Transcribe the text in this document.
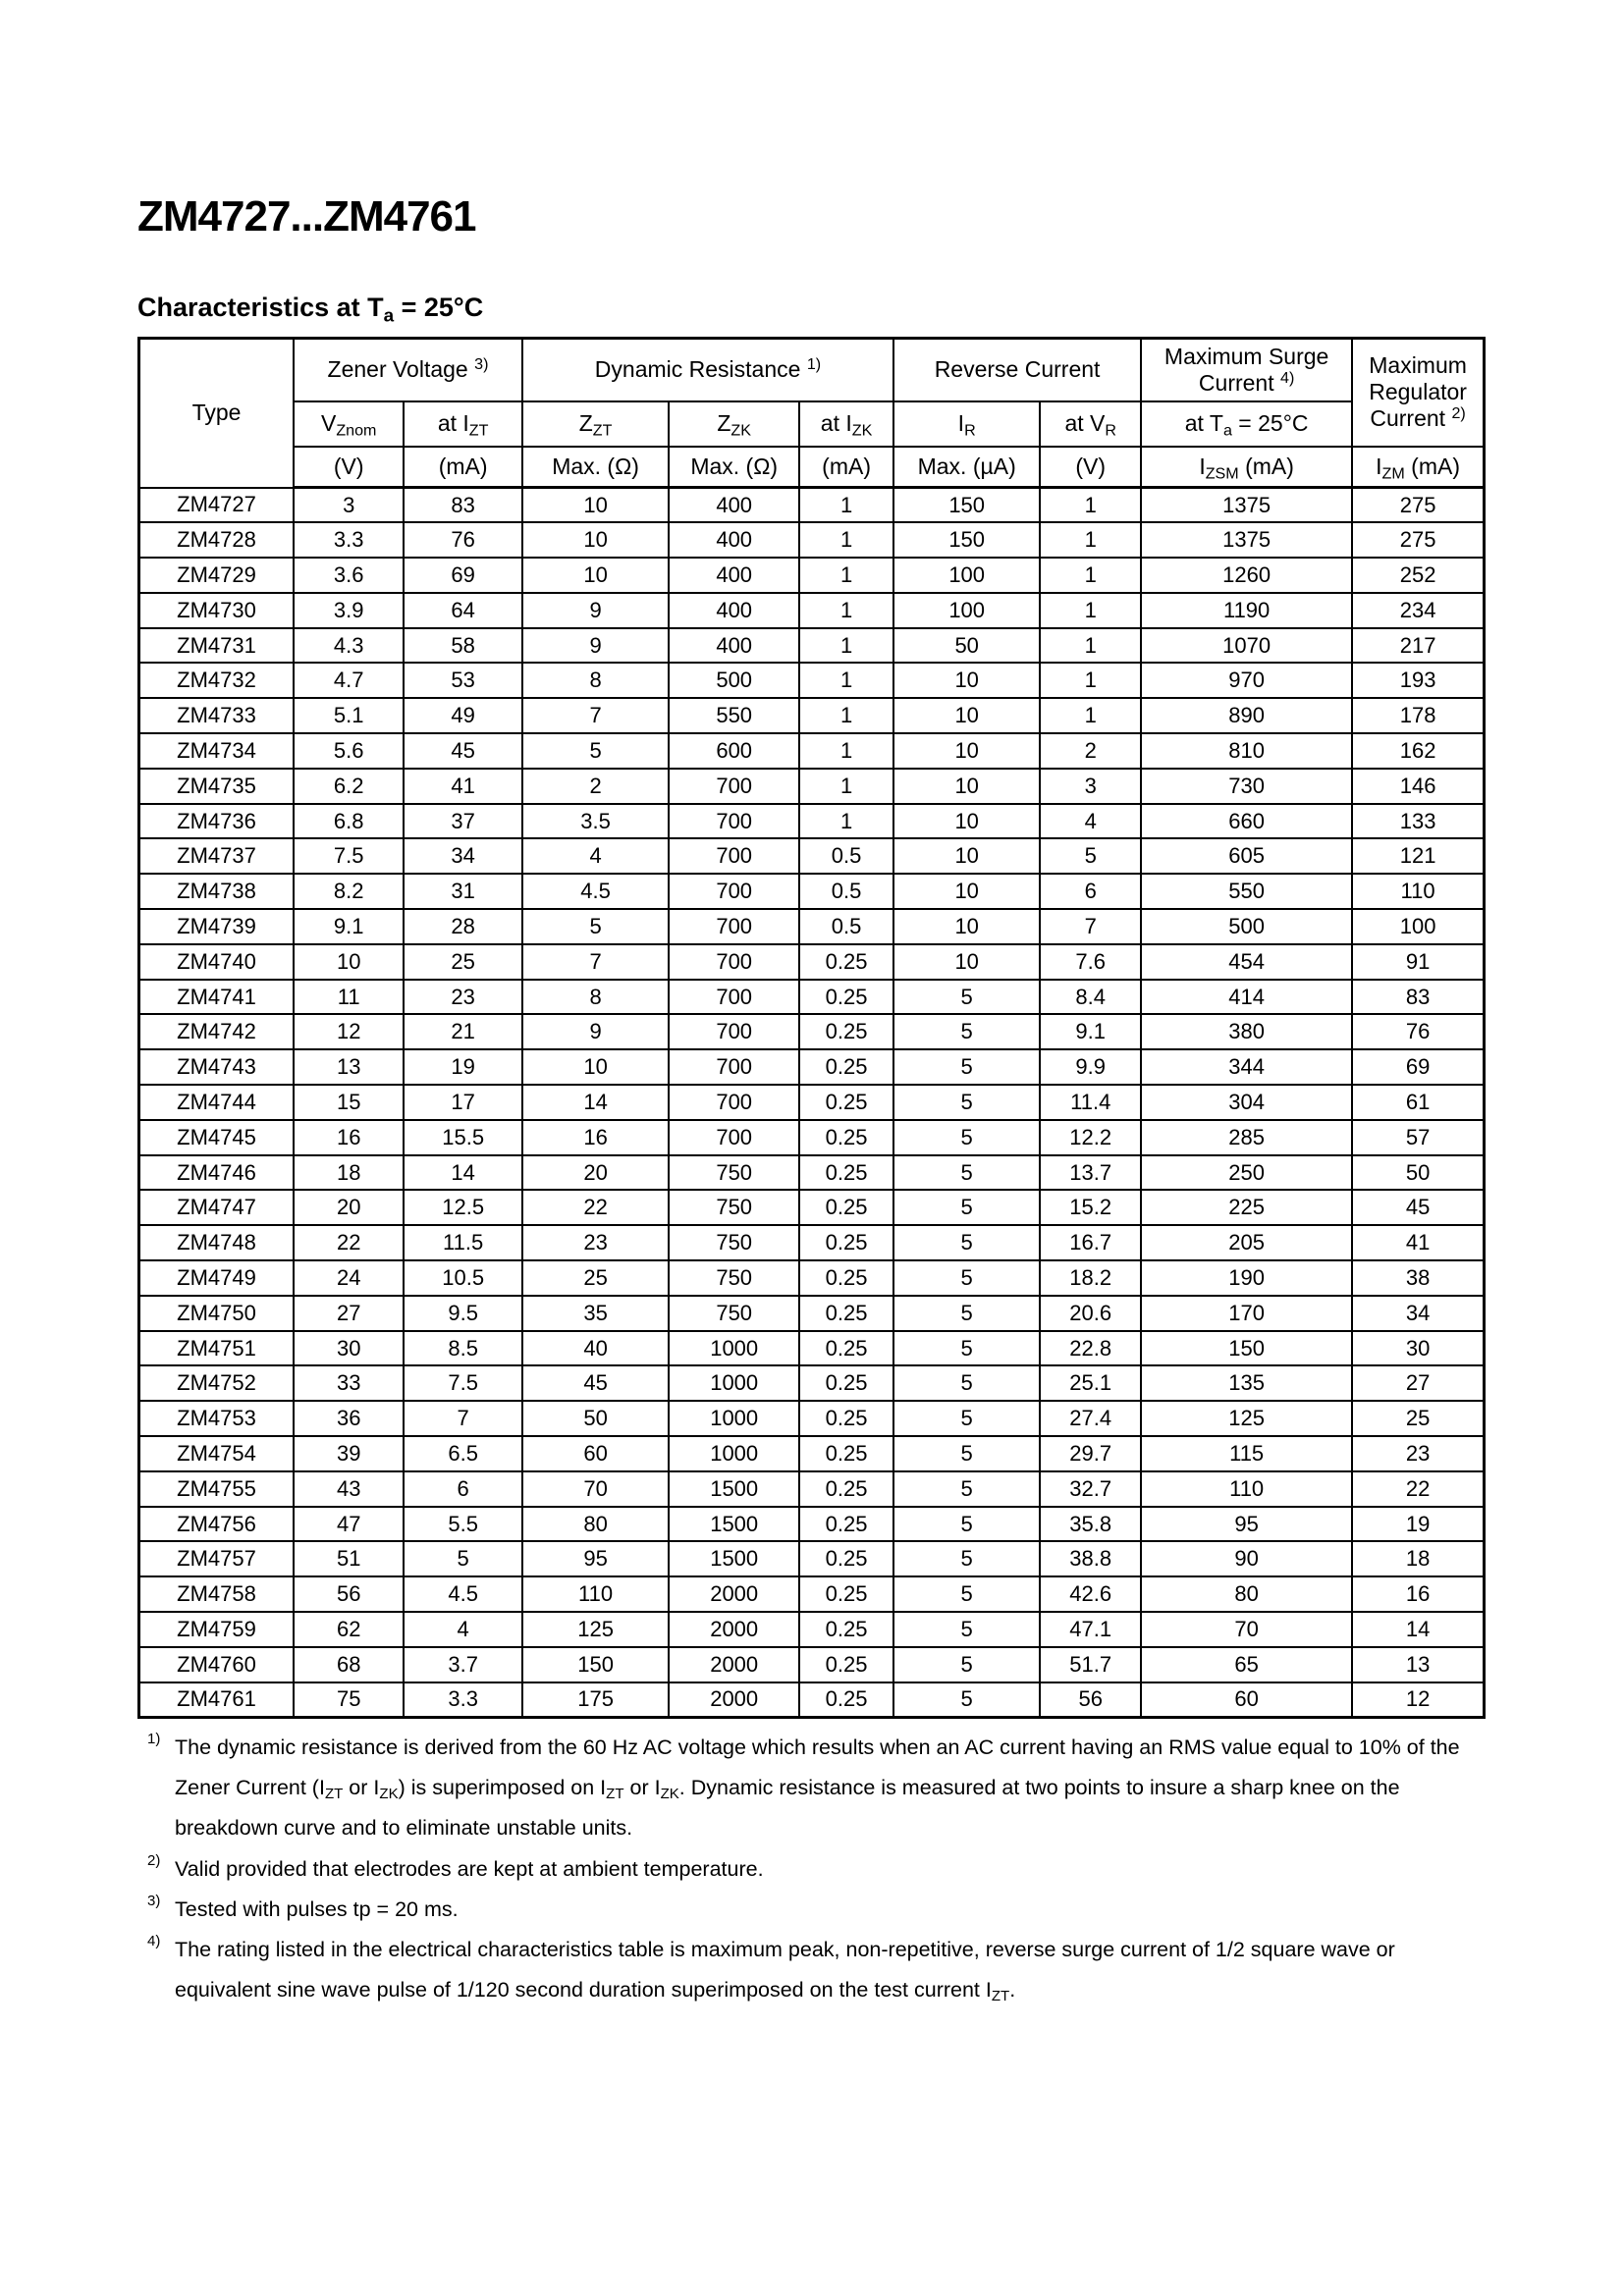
ZM4727...ZM4761
Characteristics at $T_a = 25^\circ C$
Type	Zener Voltage $^{3)}$		Dynamic Resistance $^{1)}$			Reverse Current		Maximum Surge Current $^{4)}$	Maximum Regulator Current $^{2)}$
	$V_{Znom}$	at $I_{ZT}$	$Z_{ZT}$	$Z_{ZK}$	at $I_{ZK}$	$I_R$	at $V_R$	at $T_a = 25^\circ C$	
	(V)	(mA)	Max. (Ω)	Max. (Ω)	(mA)	Max. (µA)	(V)	$I_{ZSM}$ (mA)	$I_{ZM}$ (mA)
ZM4727	3	83	10	400	1	150	1	1375	275
ZM4728	3.3	76	10	400	1	150	1	1375	275
ZM4729	3.6	69	10	400	1	100	1	1260	252
ZM4730	3.9	64	9	400	1	100	1	1190	234
ZM4731	4.3	58	9	400	1	50	1	1070	217
ZM4732	4.7	53	8	500	1	10	1	970	193
ZM4733	5.1	49	7	550	1	10	1	890	178
ZM4734	5.6	45	5	600	1	10	2	810	162
ZM4735	6.2	41	2	700	1	10	3	730	146
ZM4736	6.8	37	3.5	700	1	10	4	660	133
ZM4737	7.5	34	4	700	0.5	10	5	605	121
ZM4738	8.2	31	4.5	700	0.5	10	6	550	110
ZM4739	9.1	28	5	700	0.5	10	7	500	100
ZM4740	10	25	7	700	0.25	10	7.6	454	91
ZM4741	11	23	8	700	0.25	5	8.4	414	83
ZM4742	12	21	9	700	0.25	5	9.1	380	76
ZM4743	13	19	10	700	0.25	5	9.9	344	69
ZM4744	15	17	14	700	0.25	5	11.4	304	61
ZM4745	16	15.5	16	700	0.25	5	12.2	285	57
ZM4746	18	14	20	750	0.25	5	13.7	250	50
ZM4747	20	12.5	22	750	0.25	5	15.2	225	45
ZM4748	22	11.5	23	750	0.25	5	16.7	205	41
ZM4749	24	10.5	25	750	0.25	5	18.2	190	38
ZM4750	27	9.5	35	750	0.25	5	20.6	170	34
ZM4751	30	8.5	40	1000	0.25	5	22.8	150	30
ZM4752	33	7.5	45	1000	0.25	5	25.1	135	27
ZM4753	36	7	50	1000	0.25	5	27.4	125	25
ZM4754	39	6.5	60	1000	0.25	5	29.7	115	23
ZM4755	43	6	70	1500	0.25	5	32.7	110	22
ZM4756	47	5.5	80	1500	0.25	5	35.8	95	19
ZM4757	51	5	95	1500	0.25	5	38.8	90	18
ZM4758	56	4.5	110	2000	0.25	5	42.6	80	16
ZM4759	62	4	125	2000	0.25	5	47.1	70	14
ZM4760	68	3.7	150	2000	0.25	5	51.7	65	13
ZM4761	75	3.3	175	2000	0.25	5	56	60	12
1) The dynamic resistance is derived from the 60 Hz AC voltage which results when an AC current having an RMS value equal to 10% of the Zener Current ($I_{ZT}$ or $I_{ZK}$) is superimposed on $I_{ZT}$ or $I_{ZK}$. Dynamic resistance is measured at two points to insure a sharp knee on the breakdown curve and to eliminate unstable units.
2) Valid provided that electrodes are kept at ambient temperature.
3) Tested with pulses tp = 20 ms.
4) The rating listed in the electrical characteristics table is maximum peak, non-repetitive, reverse surge current of 1/2 square wave or equivalent sine wave pulse of 1/120 second duration superimposed on the test current $I_{ZT}$.
